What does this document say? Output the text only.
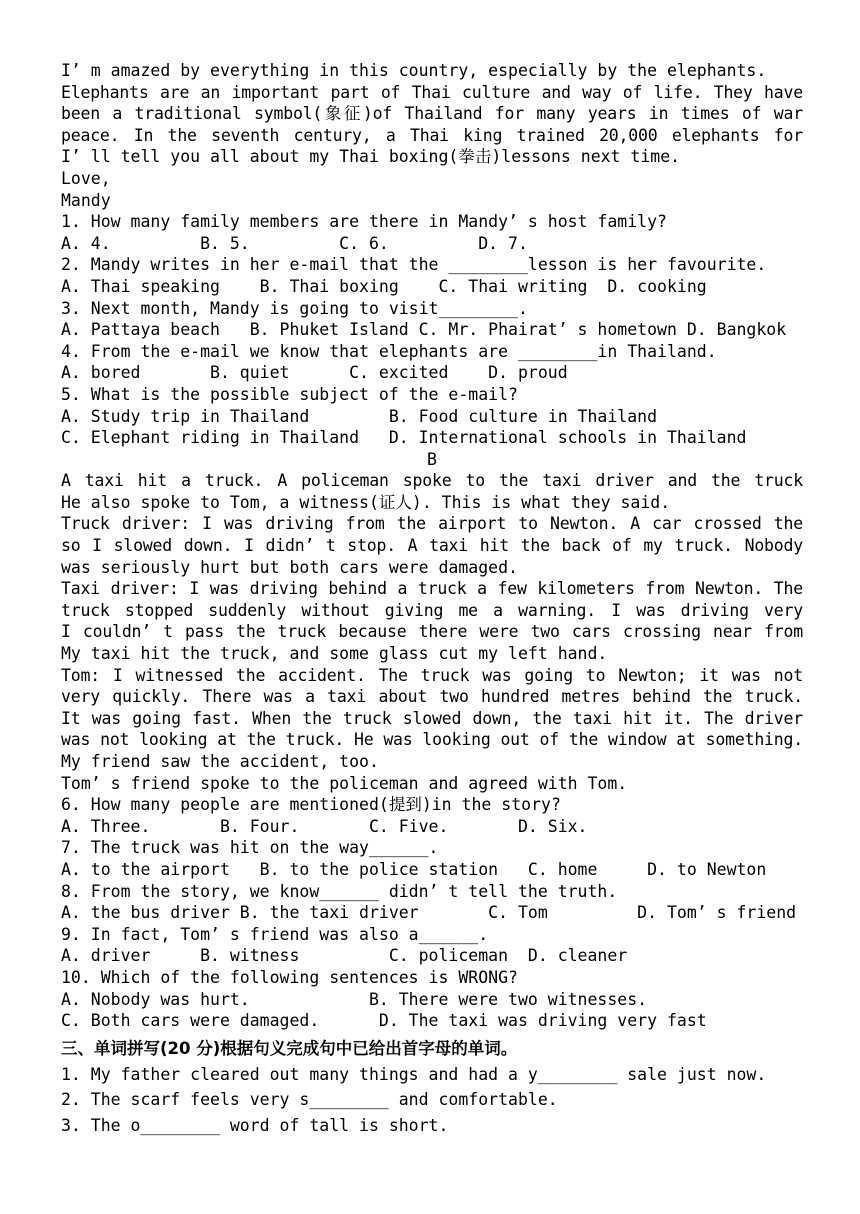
I’ m amazed by everything in this country, especially by the elephants.
Elephants are an important part of Thai culture and way of life. They have
been a traditional symbol(象征)of Thailand for many years in times of war
peace. In the seventh century, a Thai king trained 20,000 elephants for
I’ ll tell you all about my Thai boxing(拳击)lessons next time.
Love,
Mandy
1. How many family members are there in Mandy’ s host family?
A. 4.         B. 5.         C. 6.         D. 7.
2. Mandy writes in her e-mail that the ________lesson is her favourite.
A. Thai speaking    B. Thai boxing    C. Thai writing  D. cooking
3. Next month, Mandy is going to visit________.
A. Pattaya beach   B. Phuket Island C. Mr. Phairat’ s hometown D. Bangkok
4. From the e-mail we know that elephants are ________in Thailand.
A. bored       B. quiet      C. excited    D. proud
5. What is the possible subject of the e-mail?
A. Study trip in Thailand        B. Food culture in Thailand
C. Elephant riding in Thailand   D. International schools in Thailand
B
A taxi hit a truck. A policeman spoke to the taxi driver and the truck
He also spoke to Tom, a witness(证人). This is what they said.
Truck driver: I was driving from the airport to Newton. A car crossed the
so I slowed down. I didn’ t stop. A taxi hit the back of my truck. Nobody
was seriously hurt but both cars were damaged.
Taxi driver: I was driving behind a truck a few kilometers from Newton. The
truck stopped suddenly without giving me a warning. I was driving very
I couldn’ t pass the truck because there were two cars crossing near from
My taxi hit the truck, and some glass cut my left hand.
Tom: I witnessed the accident. The truck was going to Newton; it was not
very quickly. There was a taxi about two hundred metres behind the truck.
It was going fast. When the truck slowed down, the taxi hit it. The driver
was not looking at the truck. He was looking out of the window at something.
My friend saw the accident, too.
Tom’ s friend spoke to the policeman and agreed with Tom.
6. How many people are mentioned(提到)in the story?
A. Three.       B. Four.       C. Five.       D. Six.
7. The truck was hit on the way______.
A. to the airport   B. to the police station   C. home     D. to Newton
8. From the story, we know______ didn’ t tell the truth.
A. the bus driver B. the taxi driver       C. Tom         D. Tom’ s friend
9. In fact, Tom’ s friend was also a______.
A. driver     B. witness         C. policeman  D. cleaner
10. Which of the following sentences is WRONG?
A. Nobody was hurt.            B. There were two witnesses.
C. Both cars were damaged.      D. The taxi was driving very fast
三、单词拼写(20 分)根据句义完成句中已给出首字母的单词。
1. My father cleared out many things and had a y________ sale just now.
2. The scarf feels very s________ and comfortable.
3. The o________ word of tall is short.
